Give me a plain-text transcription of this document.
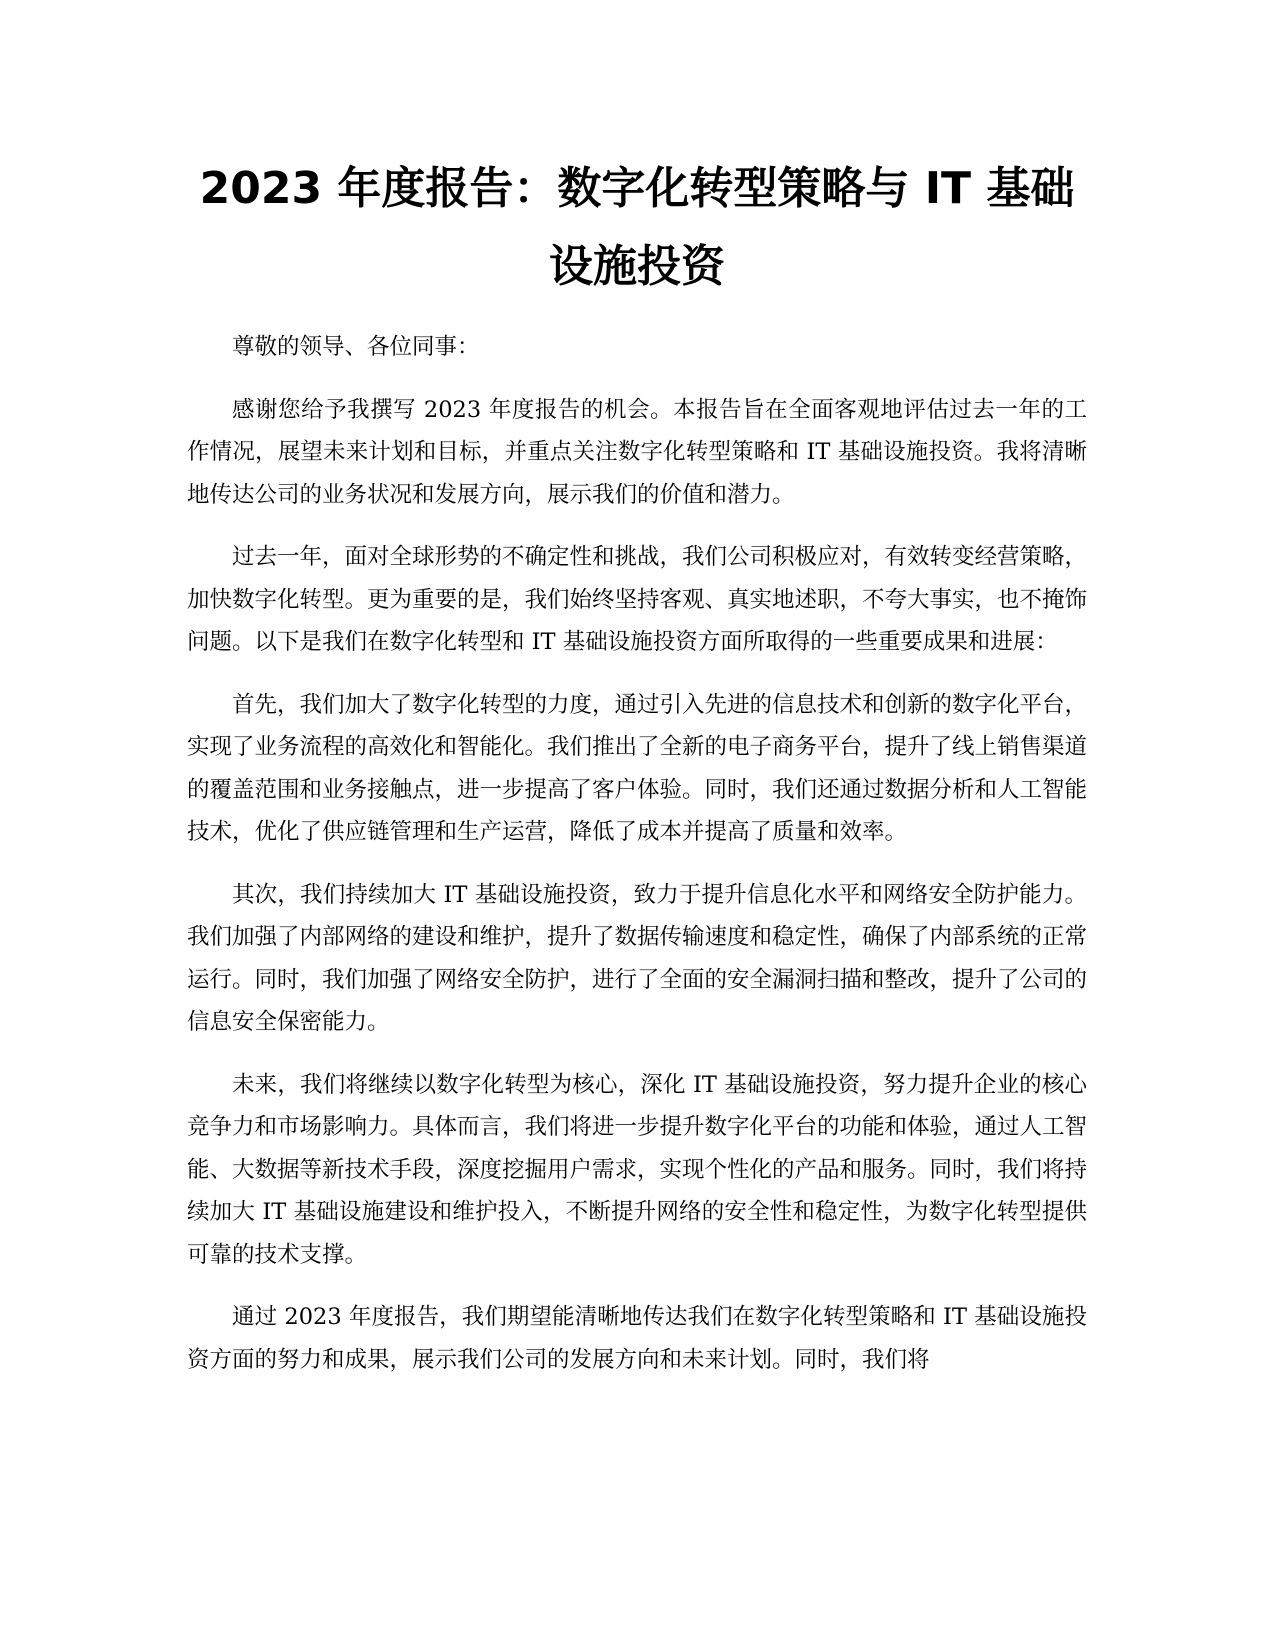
2023 年度报告：数字化转型策略与 IT 基础设施投资

尊敬的领导、各位同事：

感谢您给予我撰写 2023 年度报告的机会。本报告旨在全面客观地评估过去一年的工作情况，展望未来计划和目标，并重点关注数字化转型策略和 IT 基础设施投资。我将清晰地传达公司的业务状况和发展方向，展示我们的价值和潜力。

过去一年，面对全球形势的不确定性和挑战，我们公司积极应对，有效转变经营策略，加快数字化转型。更为重要的是，我们始终坚持客观、真实地述职，不夸大事实，也不掩饰问题。以下是我们在数字化转型和 IT 基础设施投资方面所取得的一些重要成果和进展：

首先，我们加大了数字化转型的力度，通过引入先进的信息技术和创新的数字化平台，实现了业务流程的高效化和智能化。我们推出了全新的电子商务平台，提升了线上销售渠道的覆盖范围和业务接触点，进一步提高了客户体验。同时，我们还通过数据分析和人工智能技术，优化了供应链管理和生产运营，降低了成本并提高了质量和效率。

其次，我们持续加大 IT 基础设施投资，致力于提升信息化水平和网络安全防护能力。我们加强了内部网络的建设和维护，提升了数据传输速度和稳定性，确保了内部系统的正常运行。同时，我们加强了网络安全防护，进行了全面的安全漏洞扫描和整改，提升了公司的信息安全保密能力。

未来，我们将继续以数字化转型为核心，深化 IT 基础设施投资，努力提升企业的核心竞争力和市场影响力。具体而言，我们将进一步提升数字化平台的功能和体验，通过人工智能、大数据等新技术手段，深度挖掘用户需求，实现个性化的产品和服务。同时，我们将持续加大 IT 基础设施建设和维护投入，不断提升网络的安全性和稳定性，为数字化转型提供可靠的技术支撑。

通过 2023 年度报告，我们期望能清晰地传达我们在数字化转型策略和 IT 基础设施投资方面的努力和成果，展示我们公司的发展方向和未来计划。同时，我们将
